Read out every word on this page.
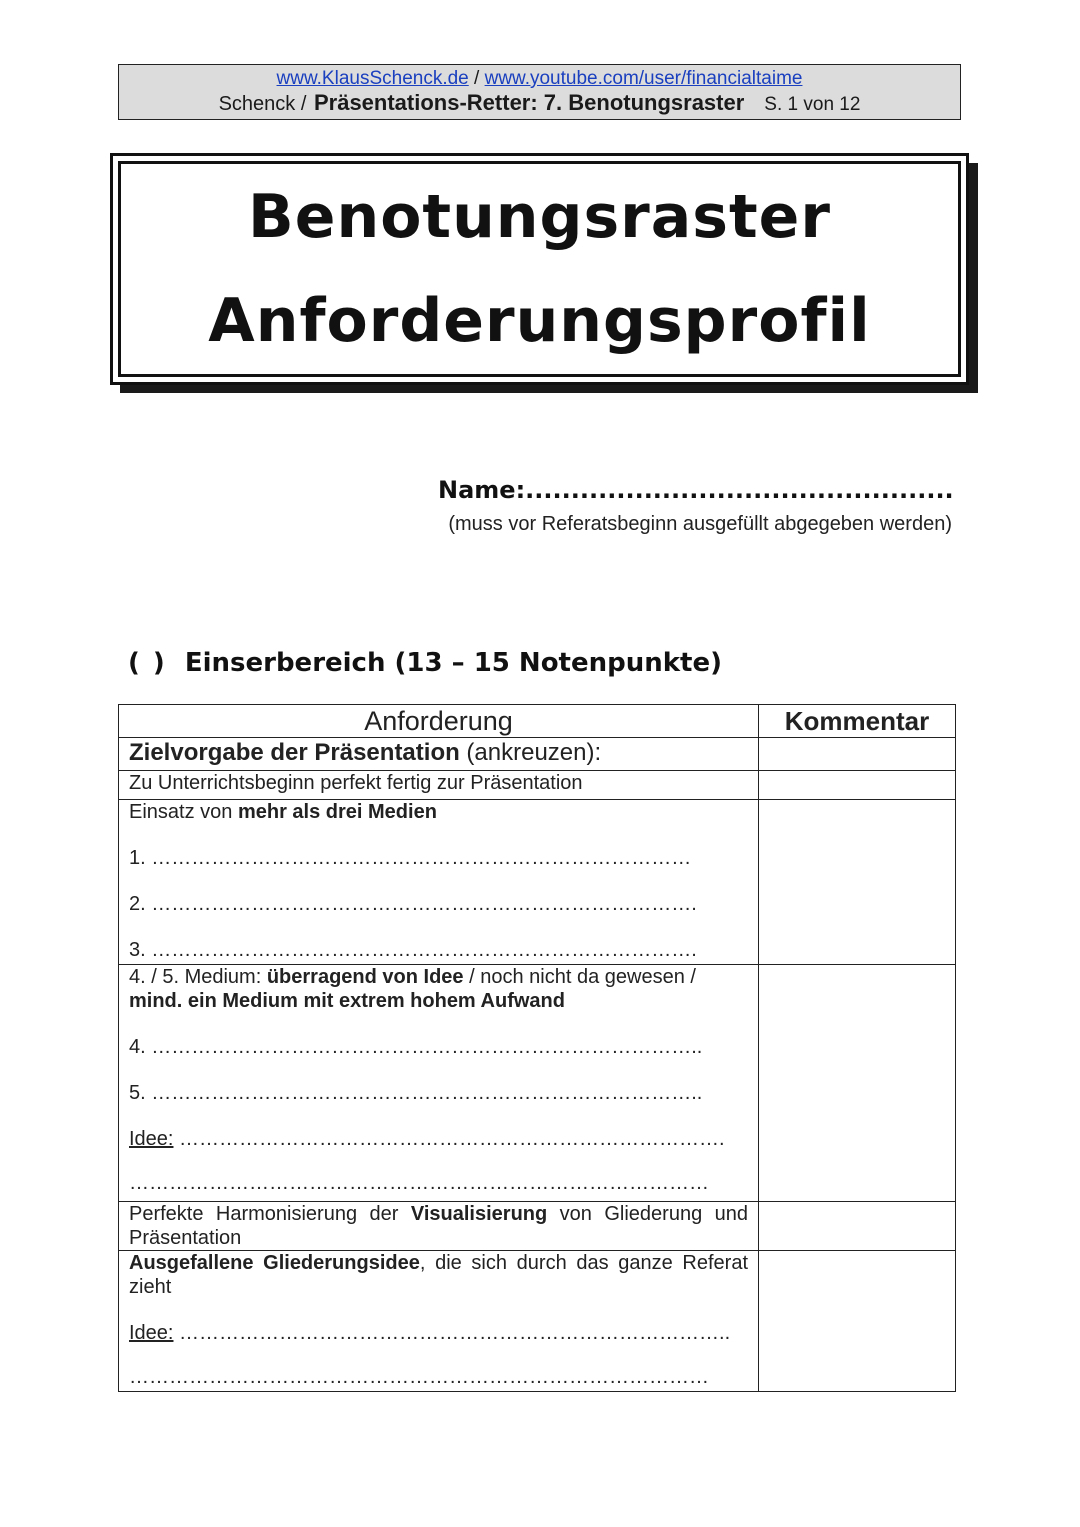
www.KlausSchenck.de / www.youtube.com/user/financialtaime
Schenck / Präsentations-Retter: 7. Benotungsraster S. 1 von 12
Benotungsraster
Anforderungsprofil
Name:...............................................
(muss vor Referatsbeginn ausgefüllt abgegeben werden)
( ) Einserbereich (13 – 15 Notenpunkte)
Anforderung	Kommentar
Zielvorgabe der Präsentation (ankreuzen):	
Zu Unterrichtsbeginn perfekt fertig zur Präsentation	

Einsatz von mehr als drei Medien
1. ………………………………………………………………………
2. ……………………………………………………………………….
3. ……………………………………………………………………….	

4. / 5. Medium: überragend von Idee / noch nicht da gewesen / mind. ein Medium mit extrem hohem Aufwand
4. ………………………………………………………………………..
5. ………………………………………………………………………..
Idee: ……………………………………………………………………….
……………………………………………………………………………	

Perfekte Harmonisierung der Visualisierung von Gliederung und Präsentation	

Ausgefallene Gliederungsidee, die sich durch das ganze Referat zieht
Idee: ………………………………………………………………………..
……………………………………………………………………………	
